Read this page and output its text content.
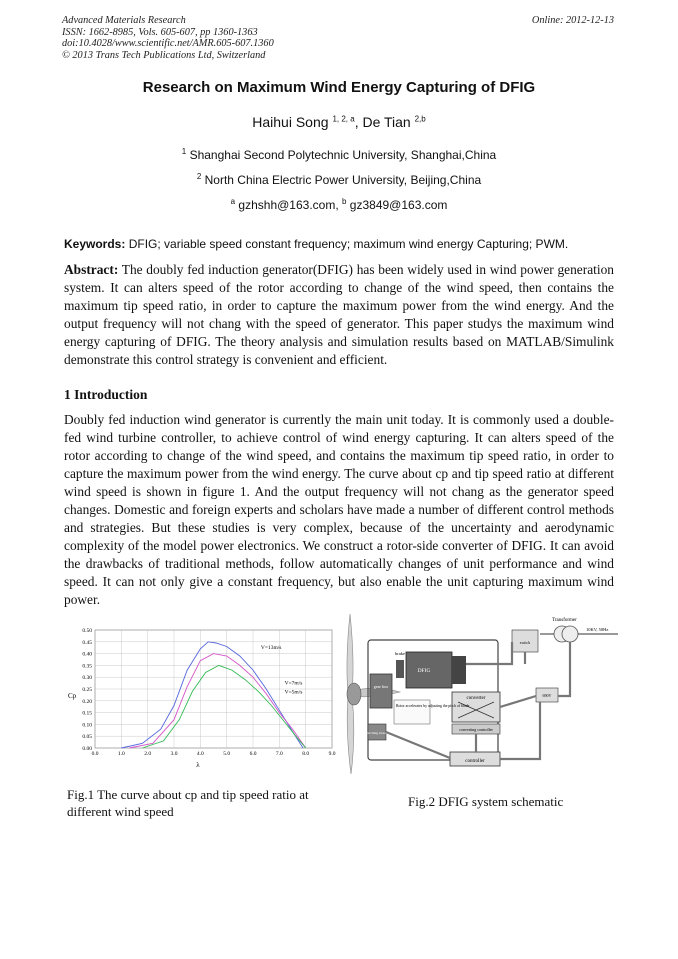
Advanced Materials Research
ISSN: 1662-8985, Vols. 605-607, pp 1360-1363
doi:10.4028/www.scientific.net/AMR.605-607.1360
© 2013 Trans Tech Publications Ltd, Switzerland
Online: 2012-12-13
Research on Maximum Wind Energy Capturing of DFIG
Haihui Song $^{1, 2, a}$, De Tian $^{2,b}$
$^1$ Shanghai Second Polytechnic University, Shanghai,China
$^2$ North China Electric Power University, Beijing,China
$^a$ gzhshh@163.com, $^b$ gz3849@163.com
Keywords: DFIG; variable speed constant frequency; maximum wind energy Capturing; PWM.
Abstract: The doubly fed induction generator(DFIG) has been widely used in wind power generation system. It can alters speed of the rotor according to change of the wind speed, then contains the maximum tip speed ratio, in order to capture the maximum power from the wind energy. And the output frequency will not chang with the speed of generator. This paper studys the maximum wind energy capturing of DFIG. The theory analysis and simulation results based on MATLAB/Simulink demonstrate this control strategy is convenient and efficient.
1 Introduction
Doubly fed induction wind generator is currently the main unit today. It is commonly used a double-fed wind turbine controller, to achieve control of wind energy capturing. It can alters speed of the rotor according to change of the wind speed, and contains the maximum tip speed ratio, in order to capture the maximum power from the wind energy. The curve about cp and tip speed ratio at different wind speed is shown in figure 1. And the output frequency will not chang as the generator speed changes. Domestic and foreign experts and scholars have made a number of different control methods and strategies. But these studies is very complex, because of the uncertainty and aerodynamic complexity of the model power electronics. We construct a rotor-side converter of DFIG. It can avoid the drawbacks of traditional methods, follow automatically changes of unit performance and wind speed. It can not only give a constant frequency, but also enable the unit capturing maximum wind power.
0.0	1.0	2.0	3.0	4.0	5.0	6.0	7.0	8.0	9.0
0.00
0.05
0.10
0.15
0.20
0.25
0.30
0.35
0.40
0.45
0.50
V=13m/s
V=7m/s
V=5m/s
λ
Cp
gear box
brake
DFIG
converter
converting controller
controller
pitching motor
Rotor accelerates by adjusting the pitch of blade
Transformer
10KV, 50Hz
switch
690V
Fig.1 The curve about cp and tip speed ratio at different wind speed
Fig.2 DFIG system schematic
